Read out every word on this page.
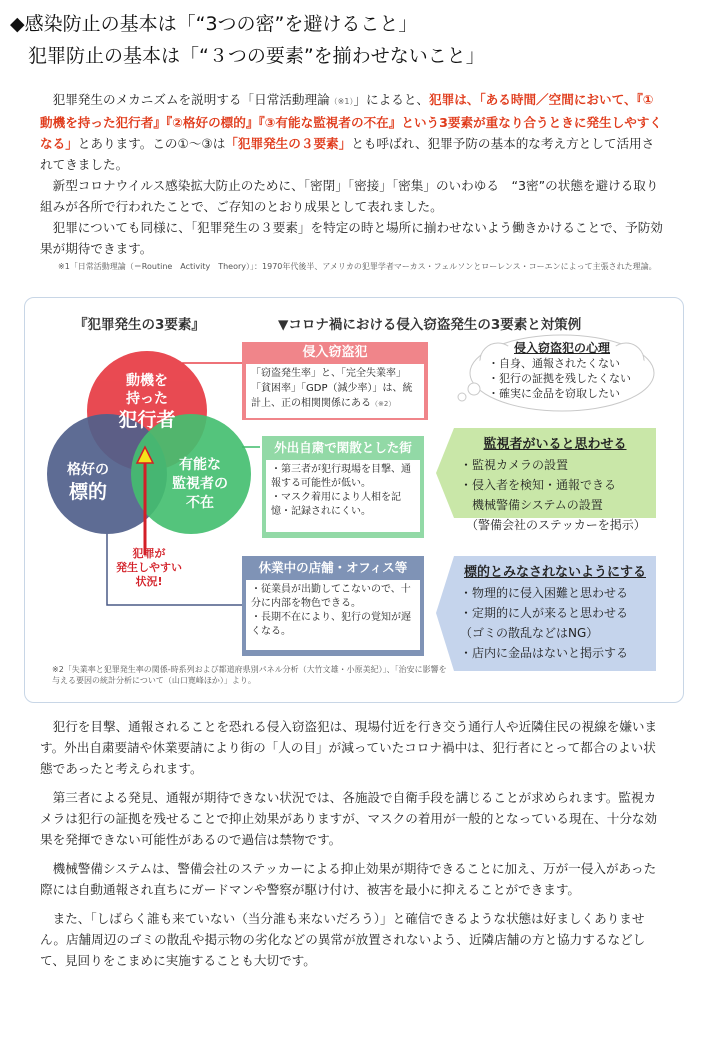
◆感染防止の基本は「“3つの密”を避けること」
犯罪防止の基本は「“３つの要素”を揃わせないこと」

犯罪発生のメカニズムを説明する「日常活動理論（※1）」によると、犯罪は、「ある時間／空間において、『①動機を持った犯行者』『②格好の標的』『③有能な監視者の不在』という3要素が重なり合うときに発生しやすくなる」とあります。この①～③は「犯罪発生の３要素」とも呼ばれ、犯罪予防の基本的な考え方として活用されてきました。

新型コロナウイルス感染拡大防止のために、「密閉」「密接」「密集」のいわゆる　“3密”の状態を避ける取り組みが各所で行われたことで、ご存知のとおり成果として表れました。

犯罪についても同様に、「犯罪発生の３要素」を特定の時と場所に揃わせないよう働きかけることで、予防効果が期待できます。

※1「日常活動理論（＝Routine　Activity　Theory）」：1970年代後半、アメリカの犯罪学者マーカス・フェルソンとローレンス・コーエンによって主張された理論。
『犯罪発生の3要素』	▼コロナ禍における侵入窃盗発生の3要素と対策例
動機を
持った
犯行者
格好の
標的
有能な
監視者の
不在
犯罪が
発生しやすい
状況!
侵入窃盗犯
「窃盗発生率」と、「完全失業率」「貧困率」「GDP（減少率）」は、統計上、正の相関関係にある（※2）
侵入窃盗犯の心理
・自身、通報されたくない
・犯行の証拠を残したくない
・確実に金品を窃取したい
外出自粛で閑散とした街
・第三者が犯行現場を目撃、通報する可能性が低い。
・マスク着用により人相を記憶・記録されにくい。
監視者がいると思わせる
・監視カメラの設置
・侵入者を検知・通報できる
　機械警備システムの設置
　（警備会社のステッカーを掲示）
休業中の店舗・オフィス等
・従業員が出勤してこないので、十分に内部を物色できる。
・長期不在により、犯行の覚知が遅くなる。
標的とみなされないようにする
・物理的に侵入困難と思わせる
・定期的に人が来ると思わせる
（ゴミの散乱などはNG）
・店内に金品はないと掲示する
※2「失業率と犯罪発生率の関係-時系列および都道府県別パネル分析（大竹文雄・小原美紀）」、「治安に影響を与える要因の統計分析について（山口寛峰ほか）」より。

犯行を目撃、通報されることを恐れる侵入窃盗犯は、現場付近を行き交う通行人や近隣住民の視線を嫌います。外出自粛要請や休業要請により街の「人の目」が減っていたコロナ禍中は、犯行者にとって都合のよい状態であったと考えられます。

第三者による発見、通報が期待できない状況では、各施設で自衛手段を講じることが求められます。監視カメラは犯行の証拠を残せることで抑止効果がありますが、マスクの着用が一般的となっている現在、十分な効果を発揮できない可能性があるので過信は禁物です。

機械警備システムは、警備会社のステッカーによる抑止効果が期待できることに加え、万が一侵入があった際には自動通報され直ちにガードマンや警察が駆け付け、被害を最小に抑えることができます。

また、「しばらく誰も来ていない（当分誰も来ないだろう）」と確信できるような状態は好ましくありません。店舗周辺のゴミの散乱や掲示物の劣化などの異常が放置されないよう、近隣店舗の方と協力するなどして、見回りをこまめに実施することも大切です。
